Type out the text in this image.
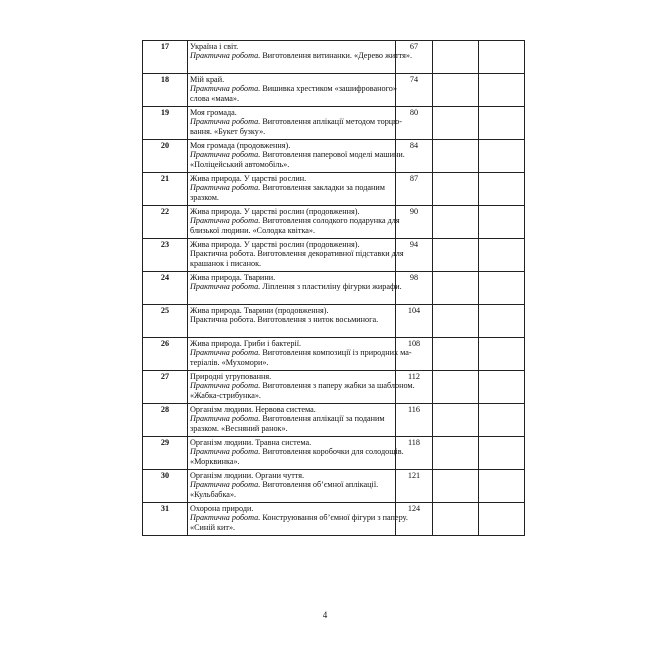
17	Україна і світ.
Практична робота. Виготовлення витинанки. «Дерево життя».	67		
18	Мій край.
Практична робота. Вишивка хрестиком «зашифрованого»
слова «мама».	74		
19	Моя громада.
Практична робота. Виготовлення аплікації методом торцю-
вання. «Букет бузку».	80		
20	Моя громада (продовження).
Практична робота. Виготовлення паперової моделі машини.
«Поліцейський автомобіль».	84		
21	Жива природа. У царстві рослин.
Практична робота. Виготовлення закладки за поданим
зразком.	87		
22	Жива природа. У царстві рослин (продовження).
Практична робота. Виготовлення солодкого подарунка для
близької людини. «Солодка квітка».	90		
23	Жива природа. У царстві рослин (продовження).
Практична робота. Виготовлення декоративної підставки для
крашанок і писанок.	94		
24	Жива природа. Тварини.
Практична робота. Ліплення з пластиліну фігурки жирафи.	98		
25	Жива природа. Тварини (продовження).
Практична робота. Виготовлення з ниток восьминога.	104		
26	Жива природа. Гриби і бактерії.
Практична робота. Виготовлення композиції із природних ма-
теріалів. «Мухомори».	108		
27	Природні угруповання.
Практична робота. Виготовлення з паперу жабки за шаблоном.
«Жабка-стрибунка».	112		
28	Організм людини. Нервова система.
Практична робота. Виготовлення аплікації за поданим
зразком. «Весняний ранок».	116		
29	Організм людини. Травна система.
Практична робота. Виготовлення коробочки для солодощів.
«Морквинка».	118		
30	Організм людини. Органи чуття.
Практична робота. Виготовлення об’ємної аплікації.
«Кульбабка».	121		
31	Охорона природи.
Практична робота. Конструювання об’ємної фігури з паперу.
«Синій кит».	124		
4
